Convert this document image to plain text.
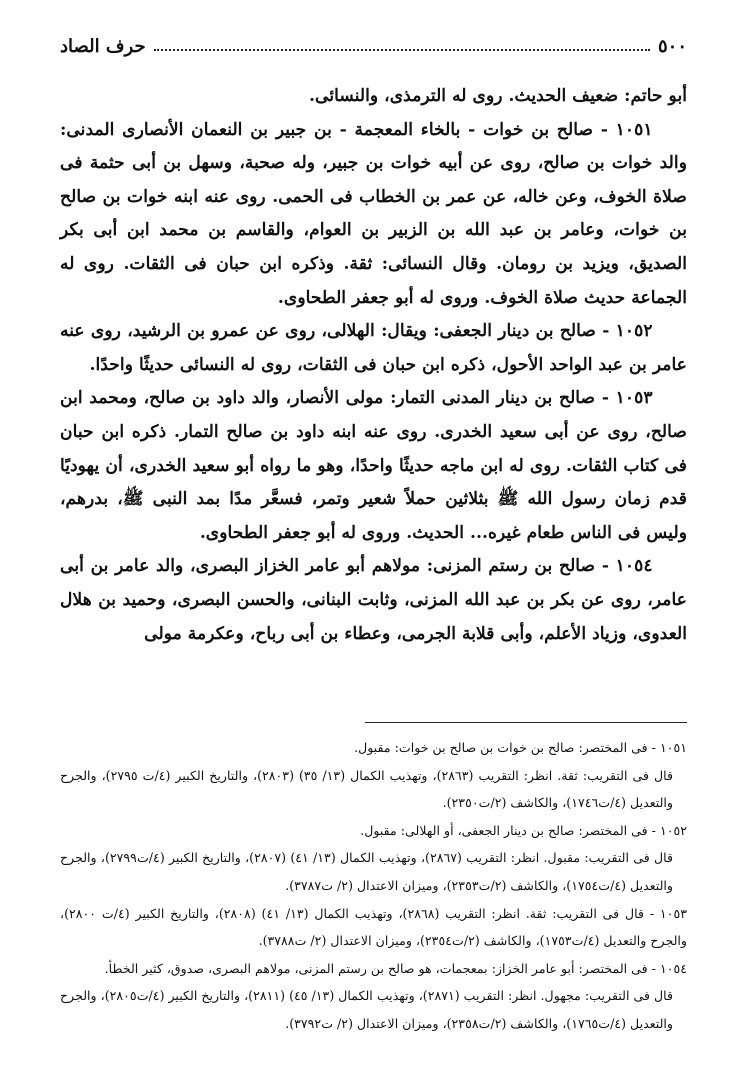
٥٠٠
حرف الصاد

أبو حاتم: ضعيف الحديث. روى له الترمذى، والنسائى.

١٠٥١ - صالح بن خوات - بالخاء المعجمة - بن جبير بن النعمان الأنصارى المدنى: والد خوات بن صالح، روى عن أبيه خوات بن جبير، وله صحبة، وسهل بن أبى حثمة فى صلاة الخوف، وعن خاله، عن عمر بن الخطاب فى الحمى. روى عنه ابنه خوات بن صالح بن خوات، وعامر بن عبد الله بن الزبير بن العوام، والقاسم بن محمد ابن أبى بكر الصديق، ويزيد بن رومان. وقال النسائى: ثقة. وذكره ابن حبان فى الثقات. روى له الجماعة حديث صلاة الخوف. وروى له أبو جعفر الطحاوى.

١٠٥٢ - صالح بن دينار الجعفى: ويقال: الهلالى، روى عن عمرو بن الرشيد، روى عنه عامر بن عبد الواحد الأحول، ذكره ابن حبان فى الثقات، روى له النسائى حديثًا واحدًا.

١٠٥٣ - صالح بن دينار المدنى التمار: مولى الأنصار، والد داود بن صالح، ومحمد ابن صالح، روى عن أبى سعيد الخدرى. روى عنه ابنه داود بن صالح التمار. ذكره ابن حبان فى كتاب الثقات. روى له ابن ماجه حديثًا واحدًا، وهو ما رواه أبو سعيد الخدرى، أن يهوديًا قدم زمان رسول الله ﷺ بثلاثين حملاً شعير وتمر، فسعَّر مدًا بمد النبى ﷺ، بدرهم، وليس فى الناس طعام غيره... الحديث. وروى له أبو جعفر الطحاوى.

١٠٥٤ - صالح بن رستم المزنى: مولاهم أبو عامر الخزاز البصرى، والد عامر بن أبى عامر، روى عن بكر بن عبد الله المزنى، وثابت البنانى، والحسن البصرى، وحميد بن هلال العدوى، وزياد الأعلم، وأبى قلابة الجرمى، وعطاء بن أبى رباح، وعكرمة مولى

١٠٥١ - فى المختصر: صالح بن خوات بن صالح بن خوات: مقبول.

قال فى التقريب: ثقة. انظر: التقريب (٢٨٦٣)، وتهذيب الكمال (١٣/ ٣٥) (٢٨٠٣)، والتاريخ الكبير (٤/ت ٢٧٩٥)، والجرح والتعديل (٤/ت١٧٤٦)، والكاشف (٢/ت٢٣٥٠).

١٠٥٢ - فى المختصر: صالح بن دينار الجعفى، أو الهلالى: مقبول.

قال فى التقريب: مقبول. انظر: التقريب (٢٨٦٧)، وتهذيب الكمال (١٣/ ٤١) (٢٨٠٧)، والتاريخ الكبير (٤/ت٢٧٩٩)، والجرح والتعديل (٤/ت١٧٥٤)، والكاشف (٢/ت٢٣٥٣)، وميزان الاعتدال (٢/ ت٣٧٨٧).

١٠٥٣ - قال فى التقريب: ثقة. انظر: التقريب (٢٨٦٨)، وتهذيب الكمال (١٣/ ٤١) (٢٨٠٨)، والتاريخ الكبير (٤/ت ٢٨٠٠)، والجرح والتعديل (٤/ت١٧٥٣)، والكاشف (٢/ت٢٣٥٤)، وميزان الاعتدال (٢/ ت٣٧٨٨).

١٠٥٤ - فى المختصر: أبو عامر الخزاز: بمعجمات، هو صالح بن رستم المزنى، مولاهم البصرى، صدوق، كثير الخطأ.

قال فى التقريب: مجهول. انظر: التقريب (٢٨٧١)، وتهذيب الكمال (١٣/ ٤٥) (٢٨١١)، والتاريخ الكبير (٤/ت٢٨٠٥)، والجرح والتعديل (٤/ت١٧٦٥)، والكاشف (٢/ت٢٣٥٨)، وميزان الاعتدال (٢/ ت٣٧٩٢).
